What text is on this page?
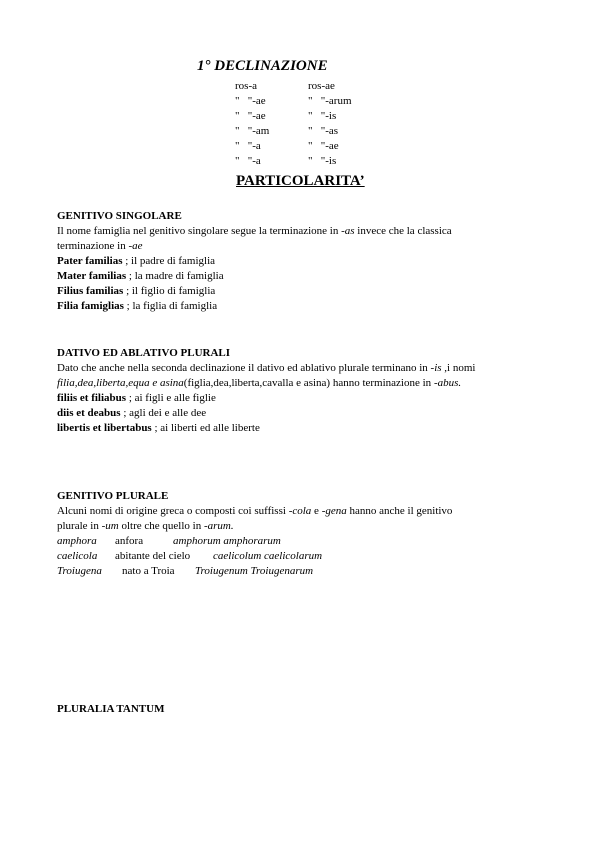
1° DECLINAZIONE
ros-a	ros-ae
"   "-ae	"   "-arum
"   "-ae	"   "-is
"   "-am	"   "-as
"   "-a	"   "-ae
"   "-a	"   "-is
PARTICOLARITA’
GENITIVO SINGOLARE

Il nome famiglia nel genitivo singolare segue la terminazione in -as invece che la classica terminazione in -ae

Pater familias ; il padre di famiglia
Mater familias ; la madre di famiglia
Filius familias ; il figlio di famiglia
Filia famiglias ; la figlia di famiglia
DATIVO ED ABLATIVO PLURALI

Dato che anche nella seconda declinazione il dativo ed ablativo plurale terminano in -is ,i nomi filia,dea,liberta,equa e asina(figlia,dea,liberta,cavalla e asina) hanno terminazione in -abus.

filiis et filiabus ; ai figli e alle figlie
diis et deabus ; agli dei e alle dee
libertis et libertabus ; ai liberti ed alle liberte
GENITIVO PLURALE

Alcuni nomi di origine greca o composti coi suffissi -cola e -gena hanno anche il genitivo plurale in -um oltre che quello in -arum.

amphora	anfora	amphorum amphorarum
caelicola	abitante del cielo	caelicolum caelicolarum
Troiugena	nato a Troia	Troiugenum Troiugenarum
PLURALIA TANTUM
